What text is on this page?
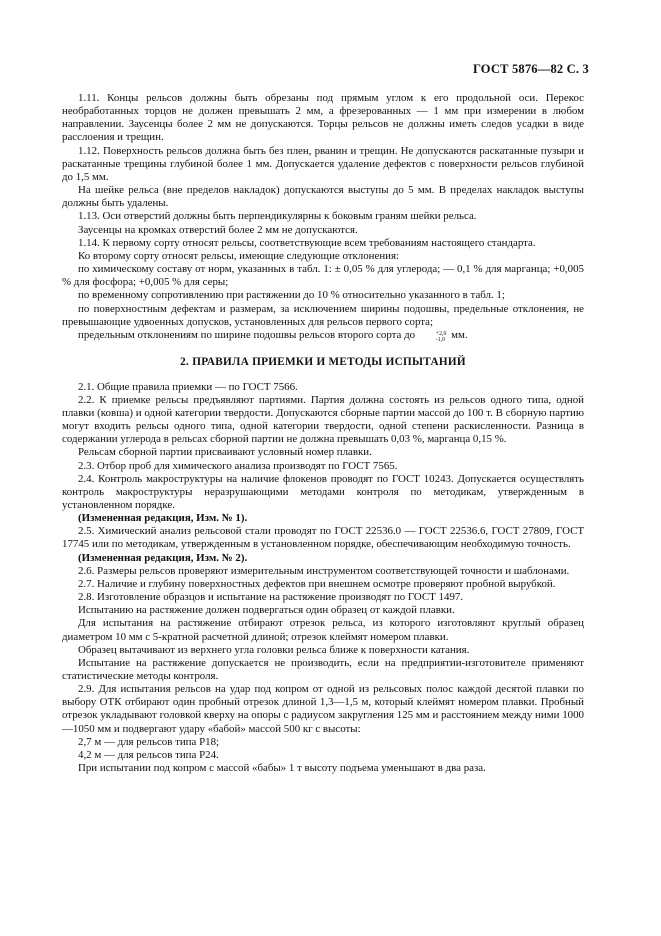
ГОСТ 5876—82 С. 3

1.11. Концы рельсов должны быть обрезаны под прямым углом к его продольной оси. Перекос необработанных торцов не должен превышать 2 мм, а фрезерованных — 1 мм при измерении в любом направлении. Заусенцы более 2 мм не допускаются. Торцы рельсов не должны иметь следов усадки в виде расслоения и трещин.

1.12. Поверхность рельсов должна быть без плен, рванин и трещин. Не допускаются раскатанные пузыри и раскатанные трещины глубиной более 1 мм. Допускается удаление дефектов с поверхности рельсов глубиной до 1,5 мм.

На шейке рельса (вне пределов накладок) допускаются выступы до 5 мм. В пределах накладок выступы должны быть удалены.

1.13. Оси отверстий должны быть перпендикулярны к боковым граням шейки рельса.

Заусенцы на кромках отверстий более 2 мм не допускаются.

1.14. К первому сорту относят рельсы, соответствующие всем требованиям настоящего стандарта.

Ко второму сорту относят рельсы, имеющие следующие отклонения:

по химическому составу от норм, указанных в табл. 1: ± 0,05 % для углерода; — 0,1 % для марганца; +0,005 % для фосфора; +0,005 % для серы;

по временному сопротивлению при растяжении до 10 % относительно указанного в табл. 1;

по поверхностным дефектам и размерам, за исключением ширины подошвы, предельные отклонения, не превышающие удвоенных допусков, установленных для рельсов первого сорта;

предельным отклонениям по ширине подошвы рельсов второго сорта до	+2,0
-1,0 мм.

2. ПРАВИЛА ПРИЕМКИ И МЕТОДЫ ИСПЫТАНИЙ

2.1. Общие правила приемки — по ГОСТ 7566.

2.2. К приемке рельсы предъявляют партиями. Партия должна состоять из рельсов одного типа, одной плавки (ковша) и одной категории твердости. Допускаются сборные партии массой до 100 т. В сборную партию могут входить рельсы одного типа, одной категории твердости, одной степени раскисленности. Разница в содержании углерода в рельсах сборной партии не должна превышать 0,03 %, марганца 0,15 %.

Рельсам сборной партии присваивают условный номер плавки.

2.3. Отбор проб для химического анализа производят по ГОСТ 7565.

2.4. Контроль макроструктуры на наличие флокенов проводят по ГОСТ 10243. Допускается осуществлять контроль макроструктуры неразрушающими методами контроля по методикам, утвержденным в установленном порядке.

(Измененная редакция, Изм. № 1).

2.5. Химический анализ рельсовой стали проводят по ГОСТ 22536.0 — ГОСТ 22536.6, ГОСТ 27809, ГОСТ 17745 или по методикам, утвержденным в установленном порядке, обеспечивающим необходимую точность.

(Измененная редакция, Изм. № 2).

2.6. Размеры рельсов проверяют измерительным инструментом соответствующей точности и шаблонами.

2.7. Наличие и глубину поверхностных дефектов при внешнем осмотре проверяют пробной вырубкой.

2.8. Изготовление образцов и испытание на растяжение производят по ГОСТ 1497.

Испытанию на растяжение должен подвергаться один образец от каждой плавки.

Для испытания на растяжение отбирают отрезок рельса, из которого изготовляют круглый образец диаметром 10 мм с 5-кратной расчетной длиной; отрезок клеймят номером плавки.

Образец вытачивают из верхнего угла головки рельса ближе к поверхности катания.

Испытание на растяжение допускается не производить, если на предприятии-изготовителе применяют статистические методы контроля.

2.9. Для испытания рельсов на удар под копром от одной из рельсовых полос каждой десятой плавки по выбору ОТК отбирают один пробный отрезок длиной 1,3—1,5 м, который клеймят номером плавки. Пробный отрезок укладывают головкой кверху на опоры с радиусом закругления 125 мм и расстоянием между ними 1000—1050 мм и подвергают удару «бабой» массой 500 кг с высоты:

2,7 м — для рельсов типа Р18;

4,2 м — для рельсов типа Р24.

При испытании под копром с массой «бабы» 1 т высоту подъема уменьшают в два раза.
